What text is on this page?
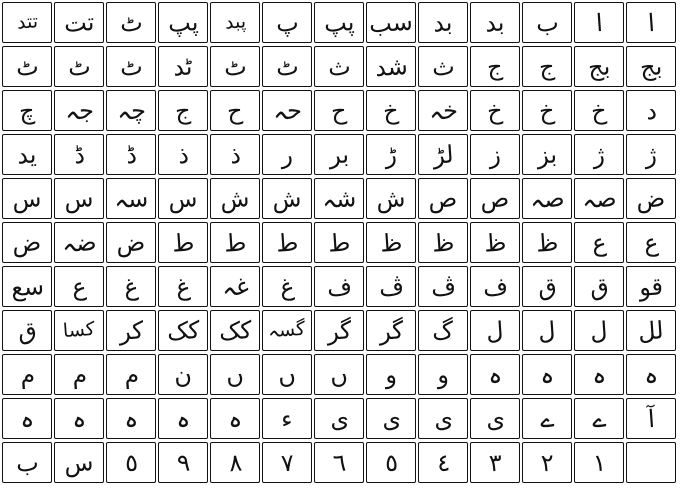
تتد تت ٹ پپ پبد پ پپ سب بد بد ب ا ا
ٹ ٹ ٹ ٹد ٹ ٹ ث شد ث ج ج بج بج
چ جہ چہ ج ح حہ ح خ خہ خ خ خ د
ید ڈ ڈ ذ ذ ر بر ڑ لڑ ز بز ژ ژ
س س سہ س ش ش شہ ش ص ص صہ صہ ض
ض ضہ ض ط ط ط ط ظ ظ ظ ظ ع ع
سع ع غ غ غہ غ ف ڤ ڤ ف ق ق قو
ق کسا کر کک کک گسہ گر گر گ ل ل ل لل
م م م ن ں ں ں و و ہ ہ ہ ہ
ہ ہ ہ ہ ہ ء ی ی ی ی ے ے آ
ب س ٥ ٩ ٨ ٧ ٦ ٥ ٤ ٣ ٢ ١
